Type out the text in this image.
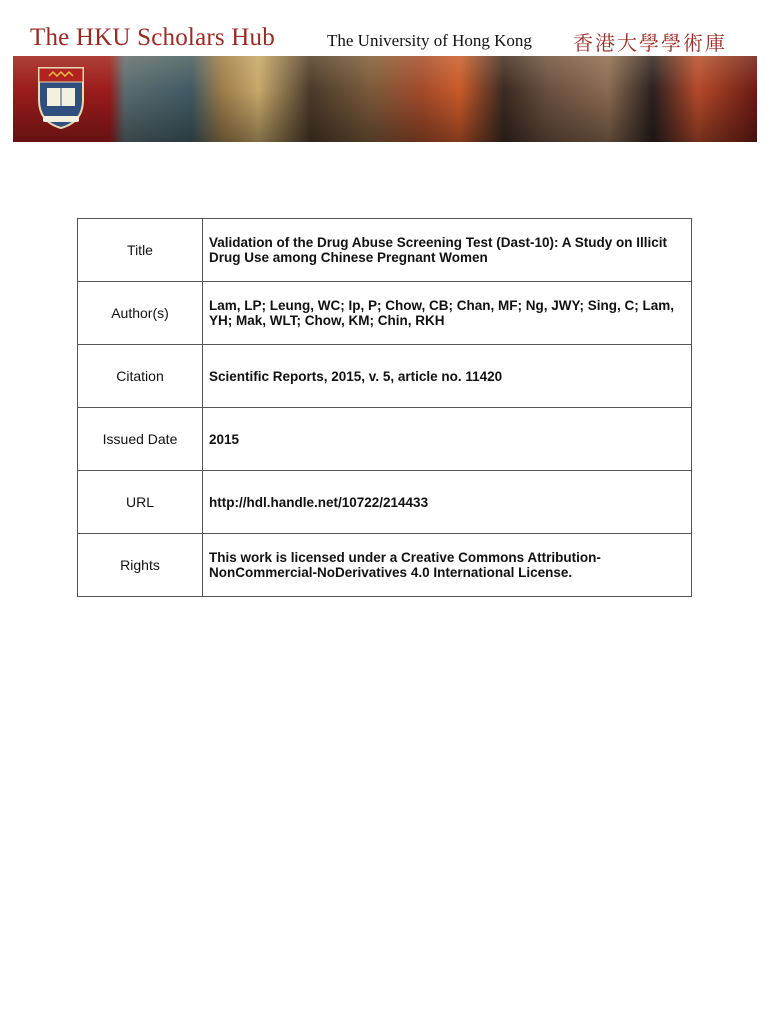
The HKU Scholars Hub	The University of Hong Kong 香港大學學術庫
Title	Validation of the Drug Abuse Screening Test (Dast-10): A Study on Illicit Drug Use among Chinese Pregnant Women
Author(s)	Lam, LP; Leung, WC; Ip, P; Chow, CB; Chan, MF; Ng, JWY; Sing, C; Lam, YH; Mak, WLT; Chow, KM; Chin, RKH
Citation	Scientific Reports, 2015, v. 5, article no. 11420
Issued Date	2015
URL	http://hdl.handle.net/10722/214433
Rights	This work is licensed under a Creative Commons Attribution-NonCommercial-NoDerivatives 4.0 International License.
